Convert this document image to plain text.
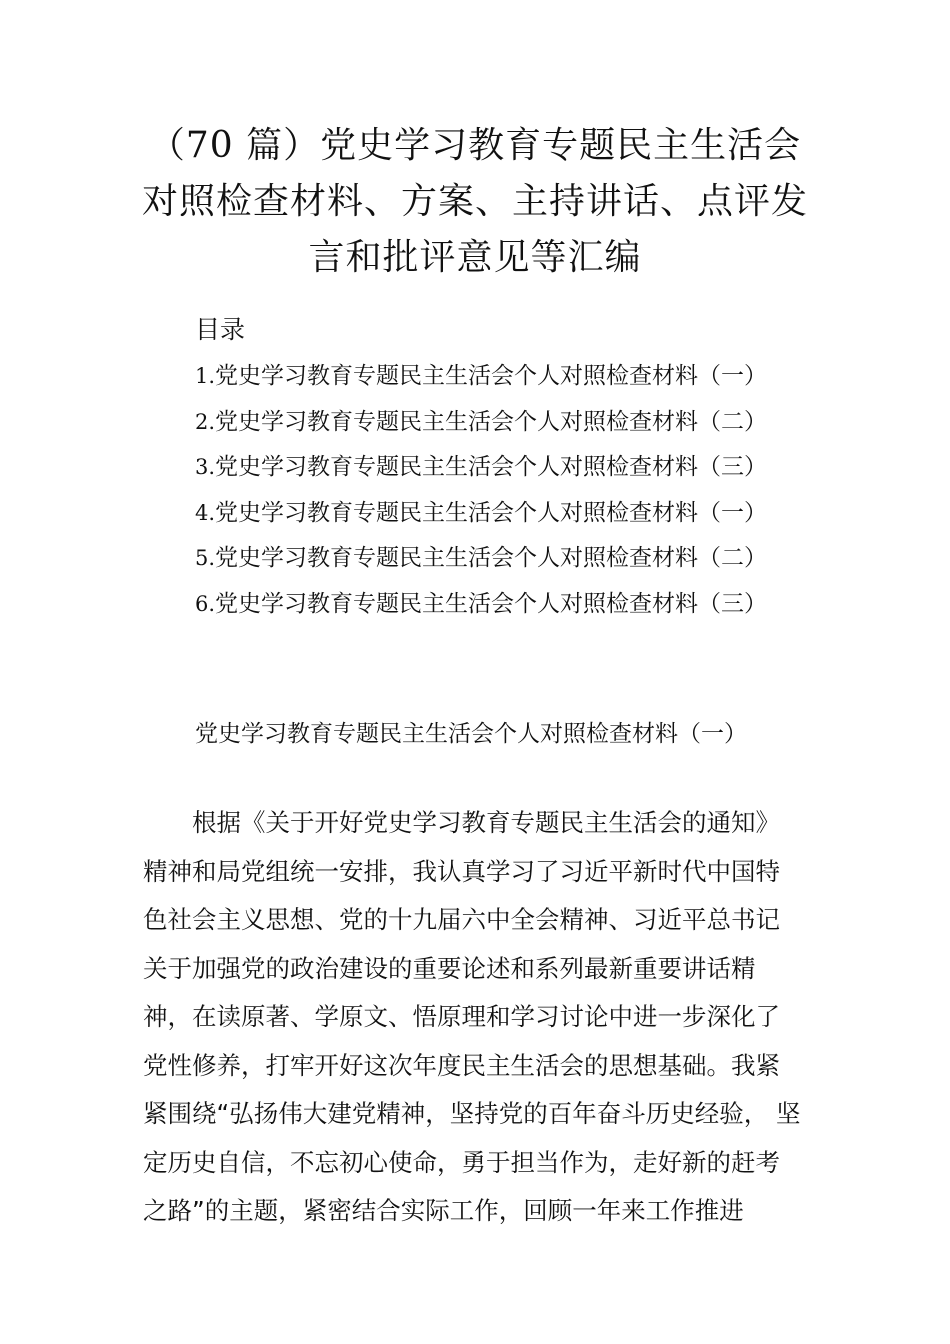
（70 篇）党史学习教育专题民主生活会
对照检查材料、方案、主持讲话、点评发
言和批评意见等汇编
目录
1.党史学习教育专题民主生活会个人对照检查材料（一）
2.党史学习教育专题民主生活会个人对照检查材料（二）
3.党史学习教育专题民主生活会个人对照检查材料（三）
4.党史学习教育专题民主生活会个人对照检查材料（一）
5.党史学习教育专题民主生活会个人对照检查材料（二）
6.党史学习教育专题民主生活会个人对照检查材料（三）
党史学习教育专题民主生活会个人对照检查材料（一）
根据《关于开好党史学习教育专题民主生活会的通知》
精神和局党组统一安排，我认真学习了习近平新时代中国特
色社会主义思想、党的十九届六中全会精神、习近平总书记
关于加强党的政治建设的重要论述和系列最新重要讲话精
神，在读原著、学原文、悟原理和学习讨论中进一步深化了
党性修养，打牢开好这次年度民主生活会的思想基础。我紧
紧围绕“弘扬伟大建党精神，坚持党的百年奋斗历史经验， 坚
定历史自信，不忘初心使命，勇于担当作为，走好新的赶考
之路”的主题，紧密结合实际工作，回顾一年来工作推进
